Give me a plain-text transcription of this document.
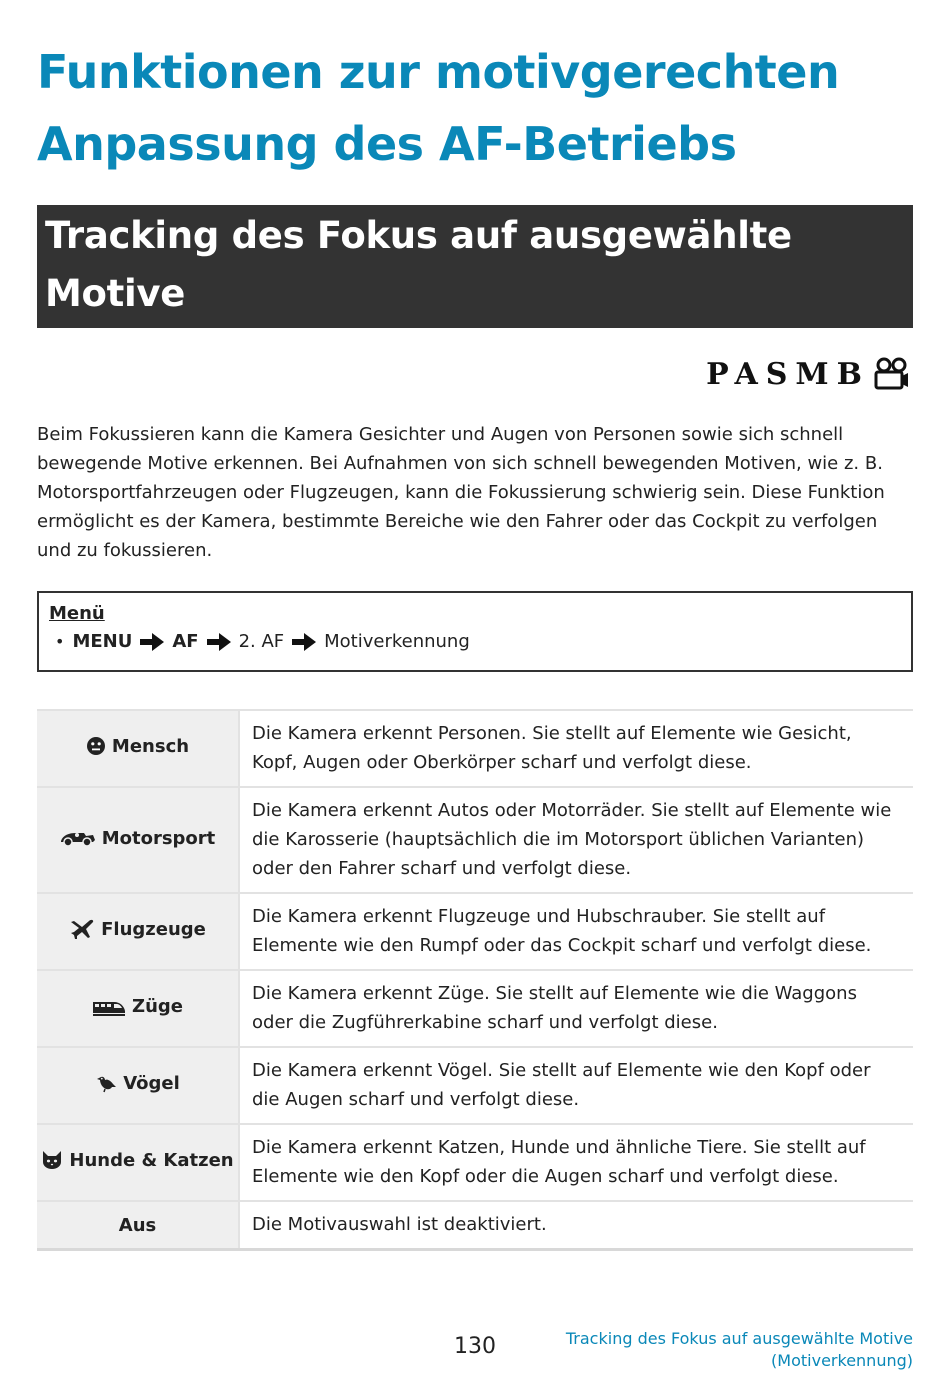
Funktionen zur motivgerechten
Anpassung des AF-Betriebs
Tracking des Fokus auf ausgewählte Motive
(Motiverkennung)
PASMB

Beim Fokussieren kann die Kamera Gesichter und Augen von Personen sowie sich schnell bewegende Motive erkennen. Bei Aufnahmen von sich schnell bewegenden Motiven, wie z. B. Motorsportfahrzeugen oder Flugzeugen, kann die Fokussierung schwierig sein. Diese Funktion ermöglicht es der Kamera, bestimmte Bereiche wie den Fahrer oder das Cockpit zu verfolgen und zu fokussieren.

Menü
• MENU AF 2. AF Motiverkennung
Mensch	Die Kamera erkennt Personen. Sie stellt auf Elemente wie Gesicht, Kopf, Augen oder Oberkörper scharf und verfolgt diese.

Motorsport	Die Kamera erkennt Autos oder Motorräder. Sie stellt auf Elemente wie die Karosserie (hauptsächlich die im Motorsport üblichen Varianten) oder den Fahrer scharf und verfolgt diese.

Flugzeuge	Die Kamera erkennt Flugzeuge und Hubschrauber. Sie stellt auf Elemente wie den Rumpf oder das Cockpit scharf und verfolgt diese.

Züge	Die Kamera erkennt Züge. Sie stellt auf Elemente wie die Waggons oder die Zugführerkabine scharf und verfolgt diese.

Vögel	Die Kamera erkennt Vögel. Sie stellt auf Elemente wie den Kopf oder die Augen scharf und verfolgt diese.

Hunde & Katzen	Die Kamera erkennt Katzen, Hunde und ähnliche Tiere. Sie stellt auf Elemente wie den Kopf oder die Augen scharf und verfolgt diese.

Aus	Die Motivauswahl ist deaktiviert.
130	Tracking des Fokus auf ausgewählte Motive
(Motiverkennung)
